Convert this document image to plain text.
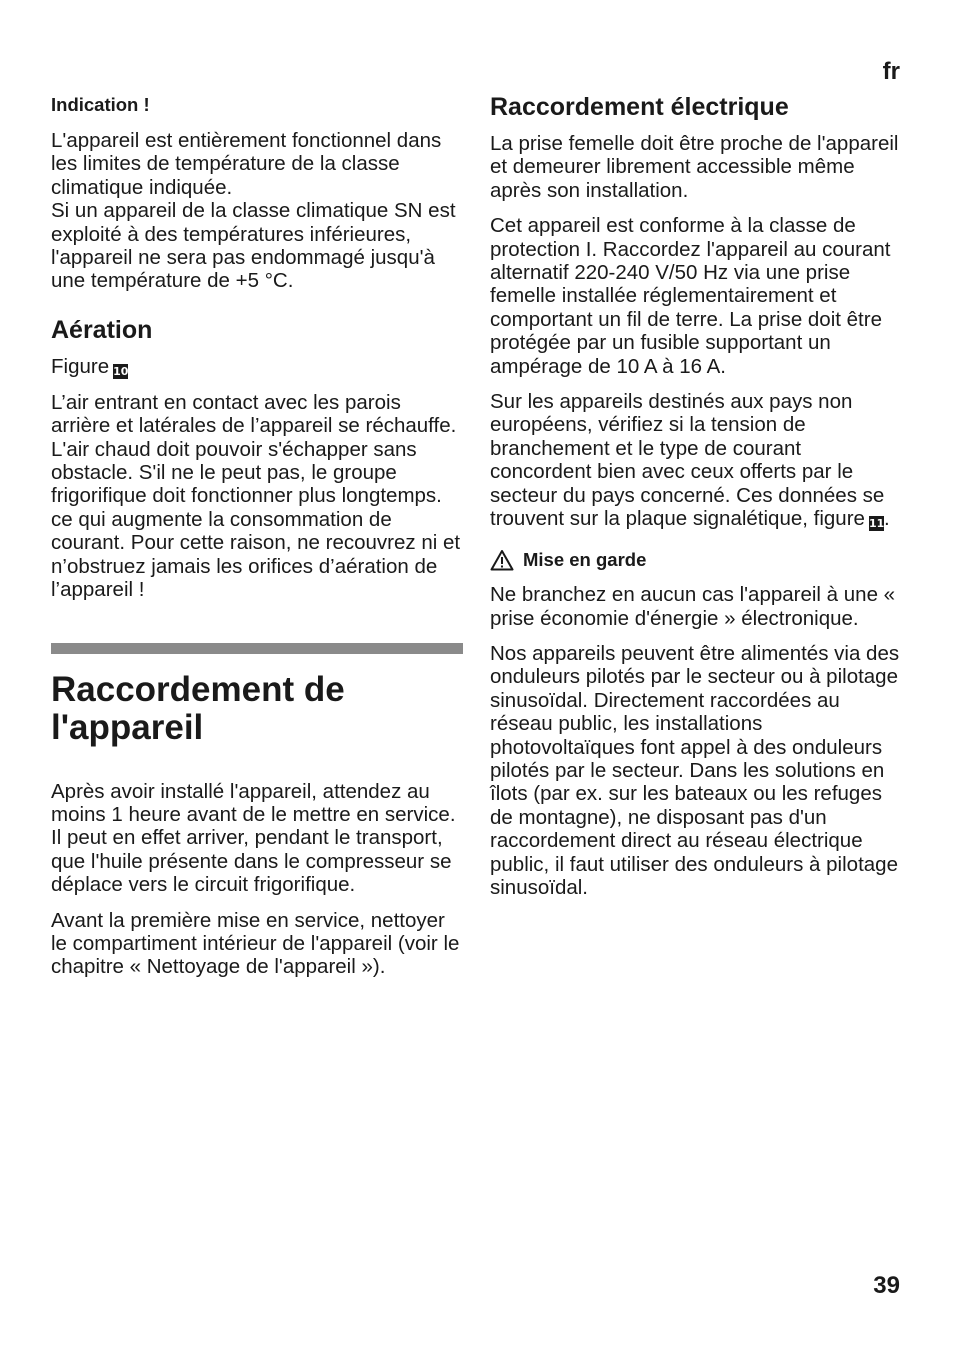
fr
Indication !

L'appareil est entièrement fonctionnel dans les limites de température de la classe climatique indiquée.

Si un appareil de la classe climatique SN est exploité à des températures inférieures, l'appareil ne sera pas endommagé jusqu'à une température de +5 °C.

Aération

Figure 10

L’air entrant en contact avec les parois arrière et latérales de l’appareil se réchauffe. L'air chaud doit pouvoir s'échapper sans obstacle. S'il ne le peut pas, le groupe frigorifique doit fonctionner plus longtemps. ce qui augmente la consommation de courant. Pour cette raison, ne recouvrez ni et n’obstruez jamais les orifices d’aération de l’appareil !

Raccordement de l'appareil

Après avoir installé l'appareil, attendez au moins 1 heure avant de le mettre en service. Il peut en effet arriver, pendant le transport, que l'huile présente dans le compresseur se déplace vers le circuit frigorifique.

Avant la première mise en service, nettoyer le compartiment intérieur de l'appareil (voir le chapitre « Nettoyage de l'appareil »).

Raccordement électrique

La prise femelle doit être proche de l'appareil et demeurer librement accessible même après son installation.

Cet appareil est conforme à la classe de protection I. Raccordez l'appareil au courant alternatif 220-240 V/50 Hz via une prise femelle installée réglementairement et comportant un fil de terre. La prise doit être protégée par un fusible supportant un ampérage de 10 A à 16 A.

Sur les appareils destinés aux pays non européens, vérifiez si la tension de branchement et le type de courant concordent bien avec ceux offerts par le secteur du pays concerné. Ces données se trouvent sur la plaque signalétique, figure 11.

Mise en garde

Ne branchez en aucun cas l'appareil à une « prise économie d'énergie » électronique.

Nos appareils peuvent être alimentés via des onduleurs pilotés par le secteur ou à pilotage sinusoïdal. Directement raccordées au réseau public, les installations photovoltaïques font appel à des onduleurs pilotés par le secteur. Dans les solutions en îlots (par ex. sur les bateaux ou les refuges de montagne), ne disposant pas d'un raccordement direct au réseau électrique public, il faut utiliser des onduleurs à pilotage sinusoïdal.

39
